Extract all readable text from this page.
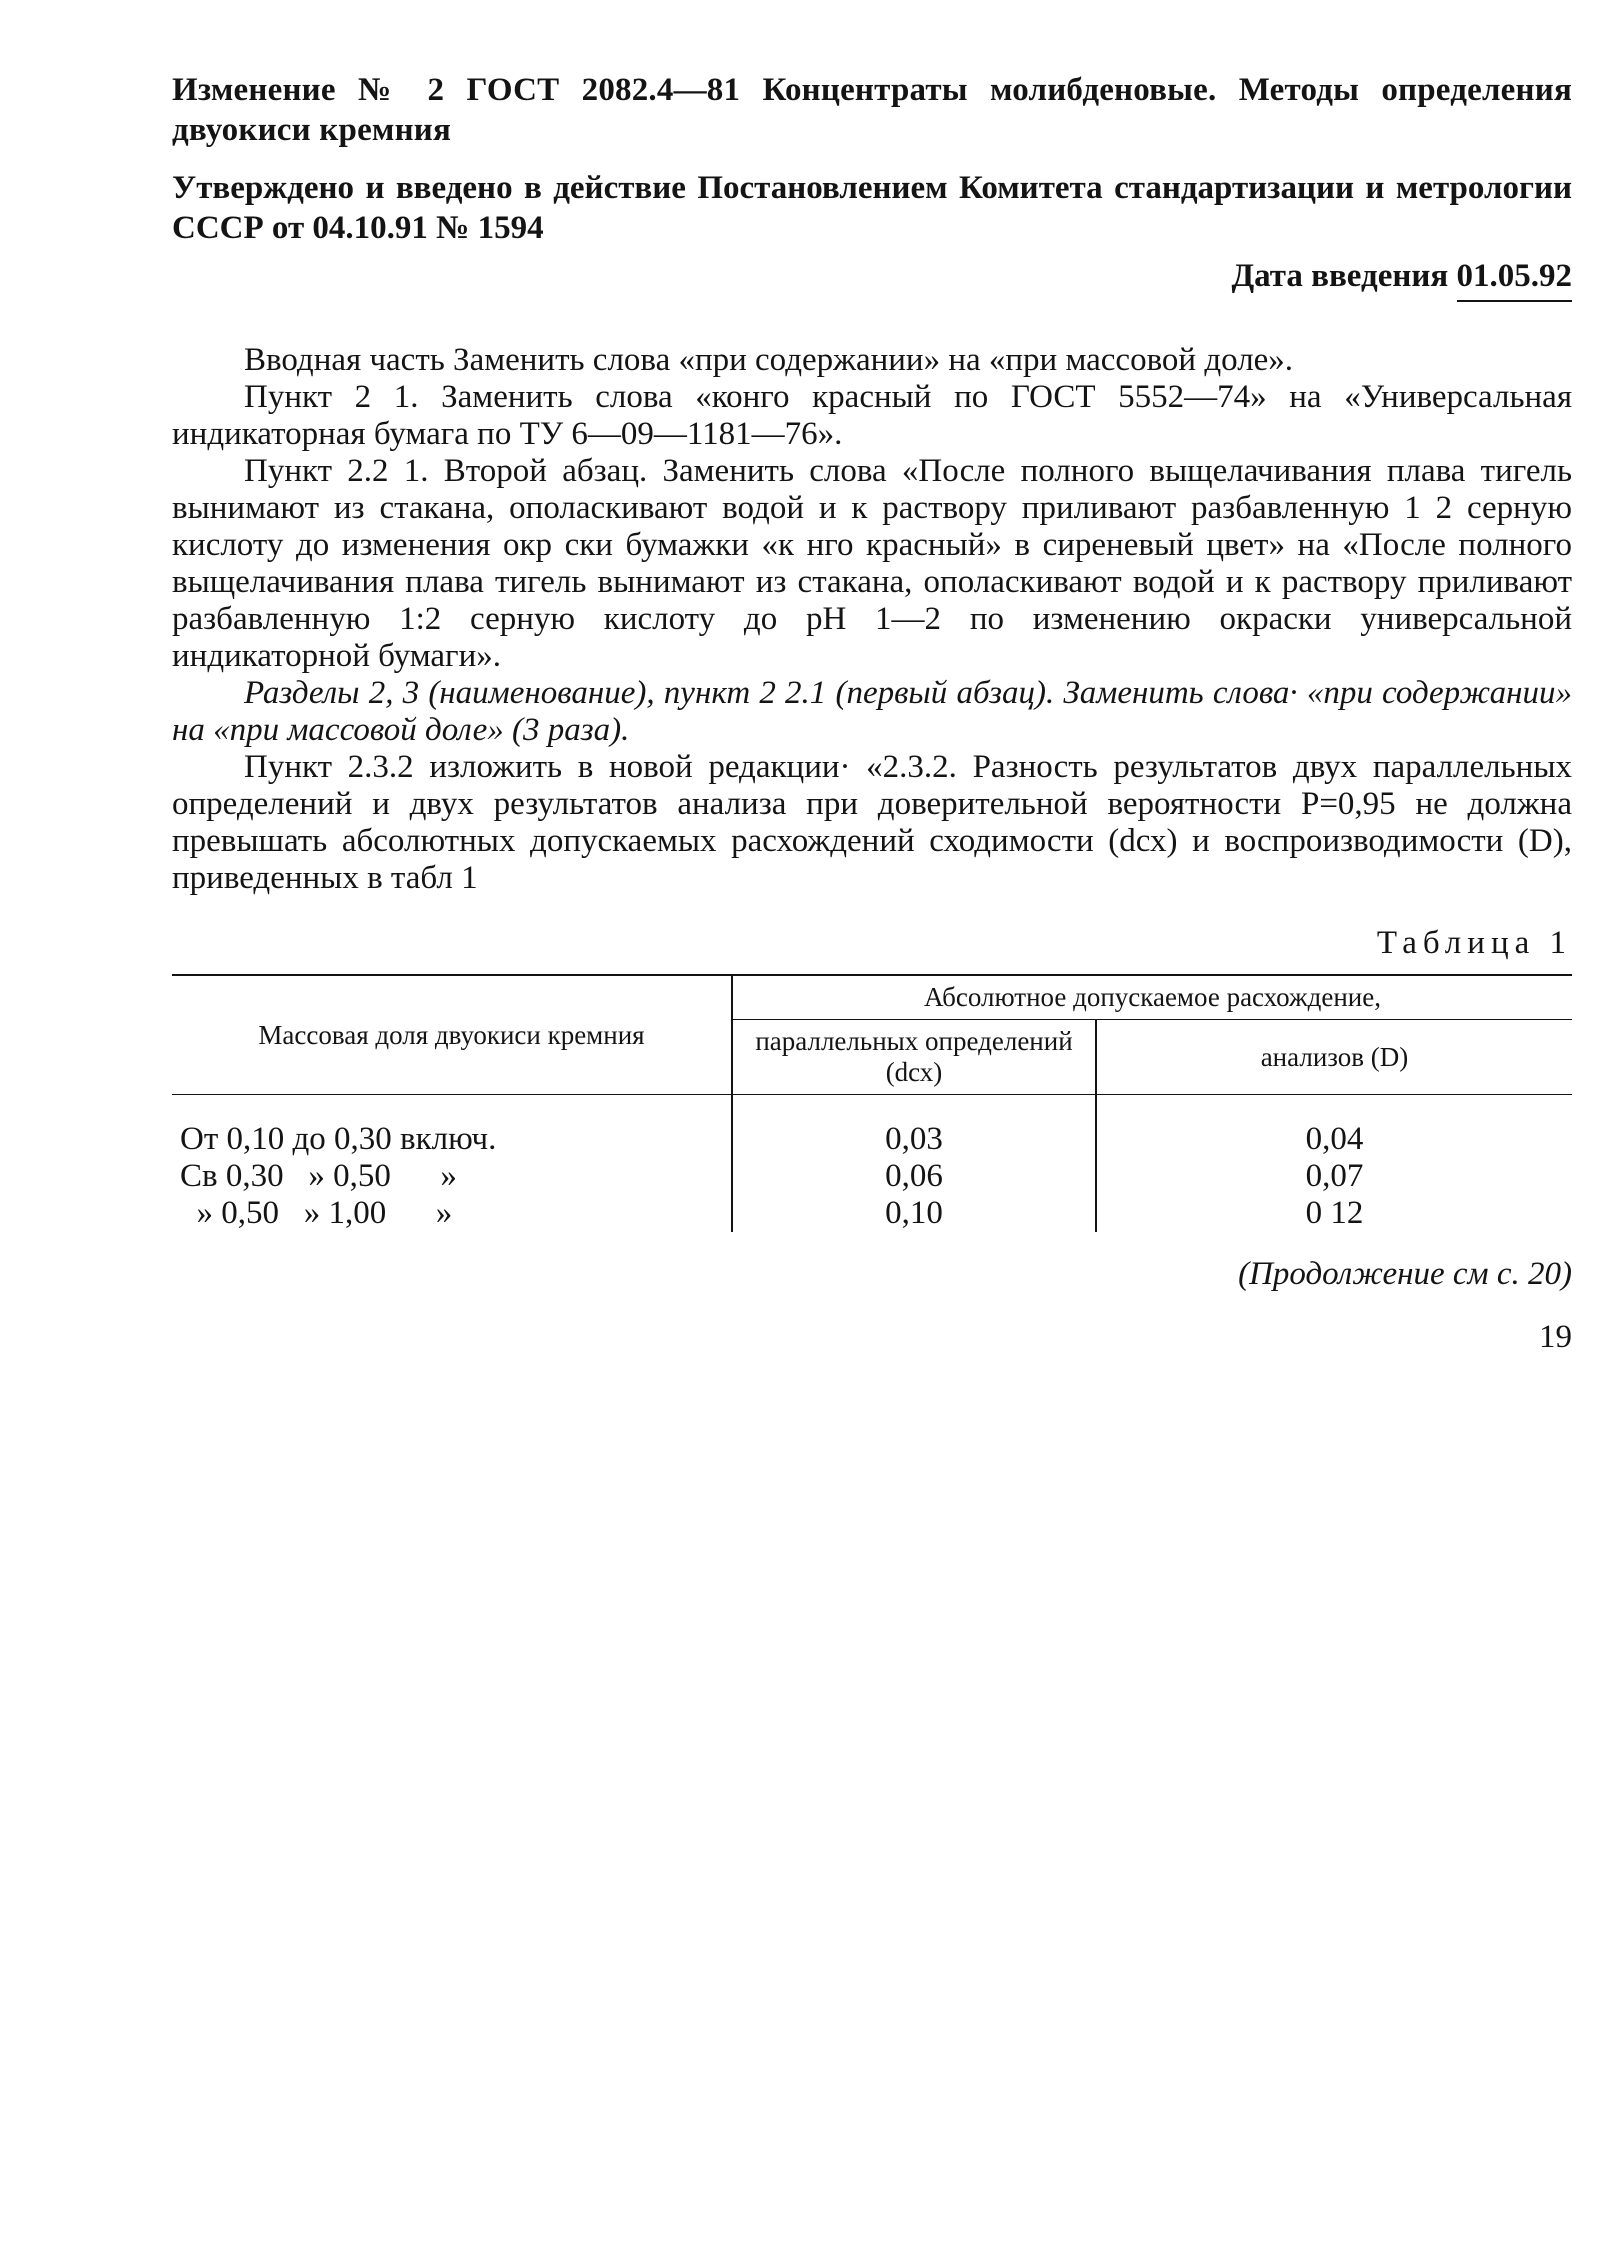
Изменение № 2 ГОСТ 2082.4—81 Концентраты молибденовые. Методы определения двуокиси кремния

Утверждено и введено в действие Постановлением Комитета стандартизации и метрологии СССР от 04.10.91 № 1594

Дата введения 01.05.92

Вводная часть Заменить слова «при содержании» на «при массовой доле».

Пункт 2 1. Заменить слова «конго красный по ГОСТ 5552—74» на «Универсальная индикаторная бумага по ТУ 6—09—1181—76».

Пункт 2.2 1. Второй абзац. Заменить слова «После полного выщелачивания плава тигель вынимают из стакана, ополаскивают водой и к раствору приливают разбавленную 1 2 серную кислоту до изменения окр ски бумажки «к нго красный» в сиреневый цвет» на «После полного выщелачивания плава тигель вынимают из стакана, ополаскивают водой и к раствору приливают разбавленную 1:2 серную кислоту до pH 1—2 по изменению окраски универсальной индикаторной бумаги».

Разделы 2, 3 (наименование), пункт 2 2.1 (первый абзац). Заменить слова· «при содержании» на «при массовой доле» (3 раза).

Пункт 2.3.2 изложить в новой редакции· «2.3.2. Разность результатов двух параллельных определений и двух результатов анализа при доверительной вероятности P=0,95 не должна превышать абсолютных допускаемых расхождений сходимости (dсх) и воспроизводимости (D), приведенных в табл 1

Таблица 1
Массовая доля двуокиси кремния	Абсолютное допускаемое расхождение,	
	параллельных определений (dсх)	анализов (D)

От 0,10 до 0,30 включ.	0,03	0,04
Св 0,30   » 0,50      »	0,06	0,07
» 0,50   » 1,00      »	0,10	0 12
(Продолжение см с. 20)
19
